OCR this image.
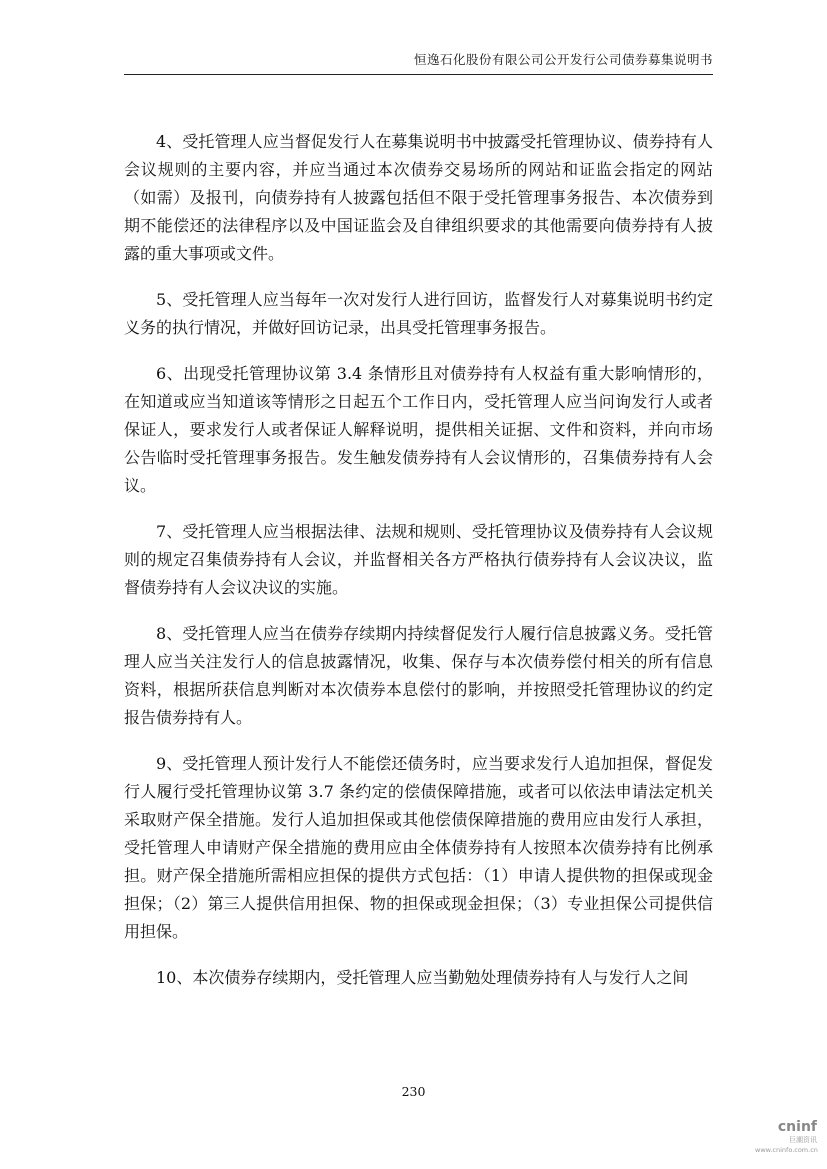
恒逸石化股份有限公司公开发行公司债券募集说明书

4、受托管理人应当督促发行人在募集说明书中披露受托管理协议、债券持有人会议规则的主要内容，并应当通过本次债券交易场所的网站和证监会指定的网站（如需）及报刊，向债券持有人披露包括但不限于受托管理事务报告、本次债券到期不能偿还的法律程序以及中国证监会及自律组织要求的其他需要向债券持有人披露的重大事项或文件。

5、受托管理人应当每年一次对发行人进行回访，监督发行人对募集说明书约定义务的执行情况，并做好回访记录，出具受托管理事务报告。

6、出现受托管理协议第 3.4 条情形且对债券持有人权益有重大影响情形的，在知道或应当知道该等情形之日起五个工作日内，受托管理人应当问询发行人或者保证人，要求发行人或者保证人解释说明，提供相关证据、文件和资料，并向市场公告临时受托管理事务报告。发生触发债券持有人会议情形的，召集债券持有人会议。

7、受托管理人应当根据法律、法规和规则、受托管理协议及债券持有人会议规则的规定召集债券持有人会议，并监督相关各方严格执行债券持有人会议决议，监督债券持有人会议决议的实施。

8、受托管理人应当在债券存续期内持续督促发行人履行信息披露义务。受托管理人应当关注发行人的信息披露情况，收集、保存与本次债券偿付相关的所有信息资料，根据所获信息判断对本次债券本息偿付的影响，并按照受托管理协议的约定报告债券持有人。

9、受托管理人预计发行人不能偿还债务时，应当要求发行人追加担保，督促发行人履行受托管理协议第 3.7 条约定的偿债保障措施，或者可以依法申请法定机关采取财产保全措施。发行人追加担保或其他偿债保障措施的费用应由发行人承担，受托管理人申请财产保全措施的费用应由全体债券持有人按照本次债券持有比例承担。财产保全措施所需相应担保的提供方式包括：（1）申请人提供物的担保或现金担保；（2）第三人提供信用担保、物的担保或现金担保；（3）专业担保公司提供信用担保。

10、本次债券存续期内，受托管理人应当勤勉处理债券持有人与发行人之间

230
cninf
巨潮资讯
www.cninfo.com.cn
